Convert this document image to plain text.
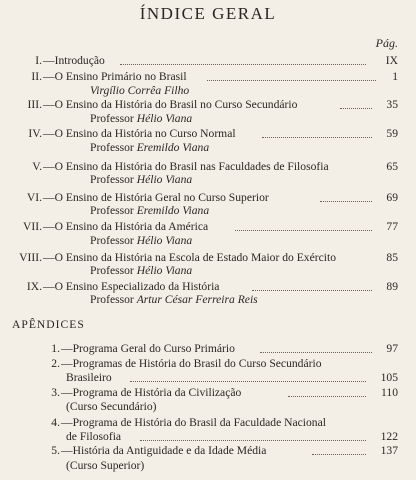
ÍNDICE GERAL
Pág.
I. —Introdução	IX
II. —O Ensino Primário no Brasil	1
Virgílio Corrêa Filho
III. —O Ensino da História do Brasil no Curso Secundário	35
Professor Hélio Viana
IV. —O Ensino da História no Curso Normal	59
Professor Eremildo Viana
V. —O Ensino da História do Brasil nas Faculdades de Filosofia	65
Professor Hélio Viana
VI. —O Ensino de História Geral no Curso Superior	69
Professor Eremildo Viana
VII. —O Ensino da História da América	77
Professor Hélio Viana
VIII. —O Ensino da História na Escola de Estado Maior do Exército	85
Professor Hélio Viana
IX. —O Ensino Especializado da História	89
Professor Artur César Ferreira Reis
APÊNDICES
1. —Programa Geral do Curso Primário	97
2. —Programas de História do Brasil do Curso Secundário
Brasileiro	105
3. —Programa de História da Civilização	110
(Curso Secundário)
4. —Programa de História do Brasil da Faculdade Nacional
de Filosofia	122
5. —História da Antiguidade e da Idade Média	137
(Curso Superior)
